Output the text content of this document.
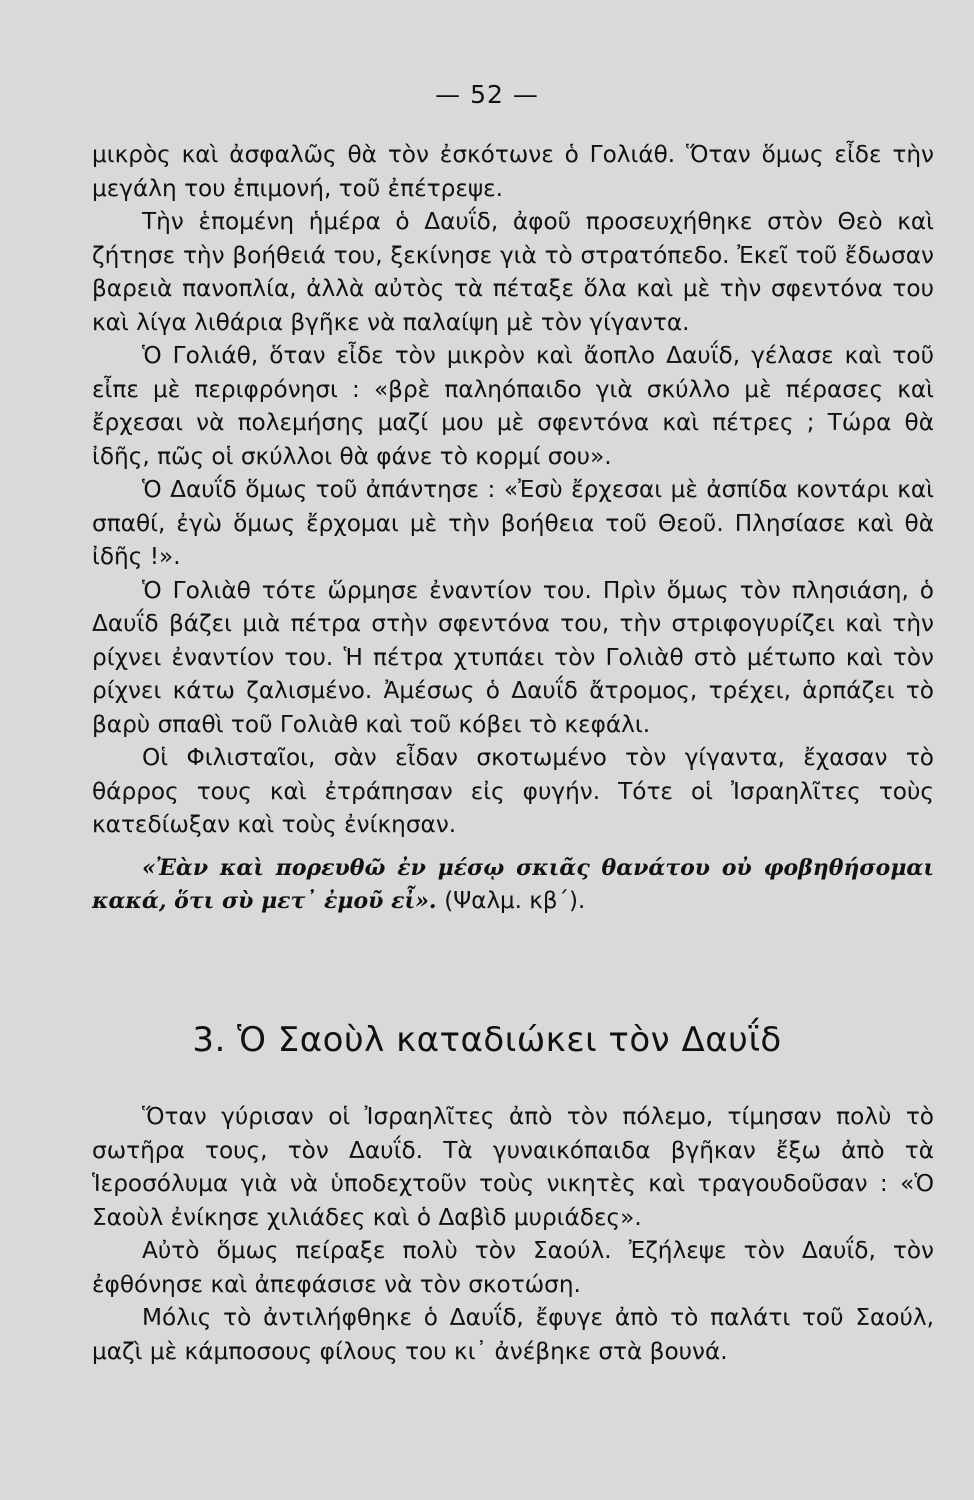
— 52 —

μικρὸς καὶ ἀσφαλῶς θὰ τὸν ἐσκότωνε ὁ Γολιάθ. Ὅταν ὅμως εἶδε τὴν μεγάλη του ἐπιμονή, τοῦ ἐπέτρεψε.

Τὴν ἑπομένη ἡμέρα ὁ Δαυΐδ, ἀφοῦ προσευχήθηκε στὸν Θεὸ καὶ ζήτησε τὴν βοήθειά του, ξεκίνησε γιὰ τὸ στρατόπεδο. Ἐκεῖ τοῦ ἔδωσαν βαρειὰ πανοπλία, ἀλλὰ αὐτὸς τὰ πέταξε ὅλα καὶ μὲ τὴν σφεντόνα του καὶ λίγα λιθάρια βγῆκε νὰ παλαίψη μὲ τὸν γίγαντα.

Ὁ Γολιάθ, ὅταν εἶδε τὸν μικρὸν καὶ ἄοπλο Δαυΐδ, γέλασε καὶ τοῦ εἶπε μὲ περιφρόνησι : «βρὲ παληόπαιδο γιὰ σκύλλο μὲ πέρασες καὶ ἔρχεσαι νὰ πολεμήσης μαζί μου μὲ σφεντόνα καὶ πέτρες ; Τώρα θὰ ἰδῆς, πῶς οἱ σκύλλοι θὰ φάνε τὸ κορμί σου».

Ὁ Δαυΐδ ὅμως τοῦ ἀπάντησε : «Ἐσὺ ἔρχεσαι μὲ ἀσπίδα κοντάρι καὶ σπαθί, ἐγὼ ὅμως ἔρχομαι μὲ τὴν βοήθεια τοῦ Θεοῦ. Πλησίασε καὶ θὰ ἰδῆς !».

Ὁ Γολιὰθ τότε ὥρμησε ἐναντίον του. Πρὶν ὅμως τὸν πλησιάση, ὁ Δαυΐδ βάζει μιὰ πέτρα στὴν σφεντόνα του, τὴν στριφογυρίζει καὶ τὴν ρίχνει ἐναντίον του. Ἡ πέτρα χτυπάει τὸν Γολιὰθ στὸ μέτωπο καὶ τὸν ρίχνει κάτω ζαλισμένο. Ἀμέσως ὁ Δαυΐδ ἄτρομος, τρέχει, ἁρπάζει τὸ βαρὺ σπαθὶ τοῦ Γολιὰθ καὶ τοῦ κόβει τὸ κεφάλι.

Οἱ Φιλισταῖοι, σὰν εἶδαν σκοτωμένο τὸν γίγαντα, ἔχασαν τὸ θάρρος τους καὶ ἐτράπησαν εἰς φυγήν. Τότε οἱ Ἰσραηλῖτες τοὺς κατεδίωξαν καὶ τοὺς ἐνίκησαν.

«Ἐὰν καὶ πορευθῶ ἐν μέσῳ σκιᾶς θανάτου οὐ φοβηθήσομαι κακά, ὅτι σὺ μετ᾽ ἐμοῦ εἶ». (Ψαλμ. κβ΄).

3. Ὁ Σαοὺλ καταδιώκει τὸν Δαυΐδ

Ὅταν γύρισαν οἱ Ἰσραηλῖτες ἀπὸ τὸν πόλεμο, τίμησαν πολὺ τὸ σωτῆρα τους, τὸν Δαυΐδ. Τὰ γυναικόπαιδα βγῆκαν ἔξω ἀπὸ τὰ Ἱεροσόλυμα γιὰ νὰ ὑποδεχτοῦν τοὺς νικητὲς καὶ τραγουδοῦσαν : «Ὁ Σαοὺλ ἐνίκησε χιλιάδες καὶ ὁ Δαβὶδ μυριάδες».

Αὐτὸ ὅμως πείραξε πολὺ τὸν Σαούλ. Ἐζήλεψε τὸν Δαυΐδ, τὸν ἐφθόνησε καὶ ἀπεφάσισε νὰ τὸν σκοτώση.

Μόλις τὸ ἀντιλήφθηκε ὁ Δαυΐδ, ἔφυγε ἀπὸ τὸ παλάτι τοῦ Σαούλ, μαζὶ μὲ κάμποσους φίλους του κι᾽ ἀνέβηκε στὰ βουνά.
